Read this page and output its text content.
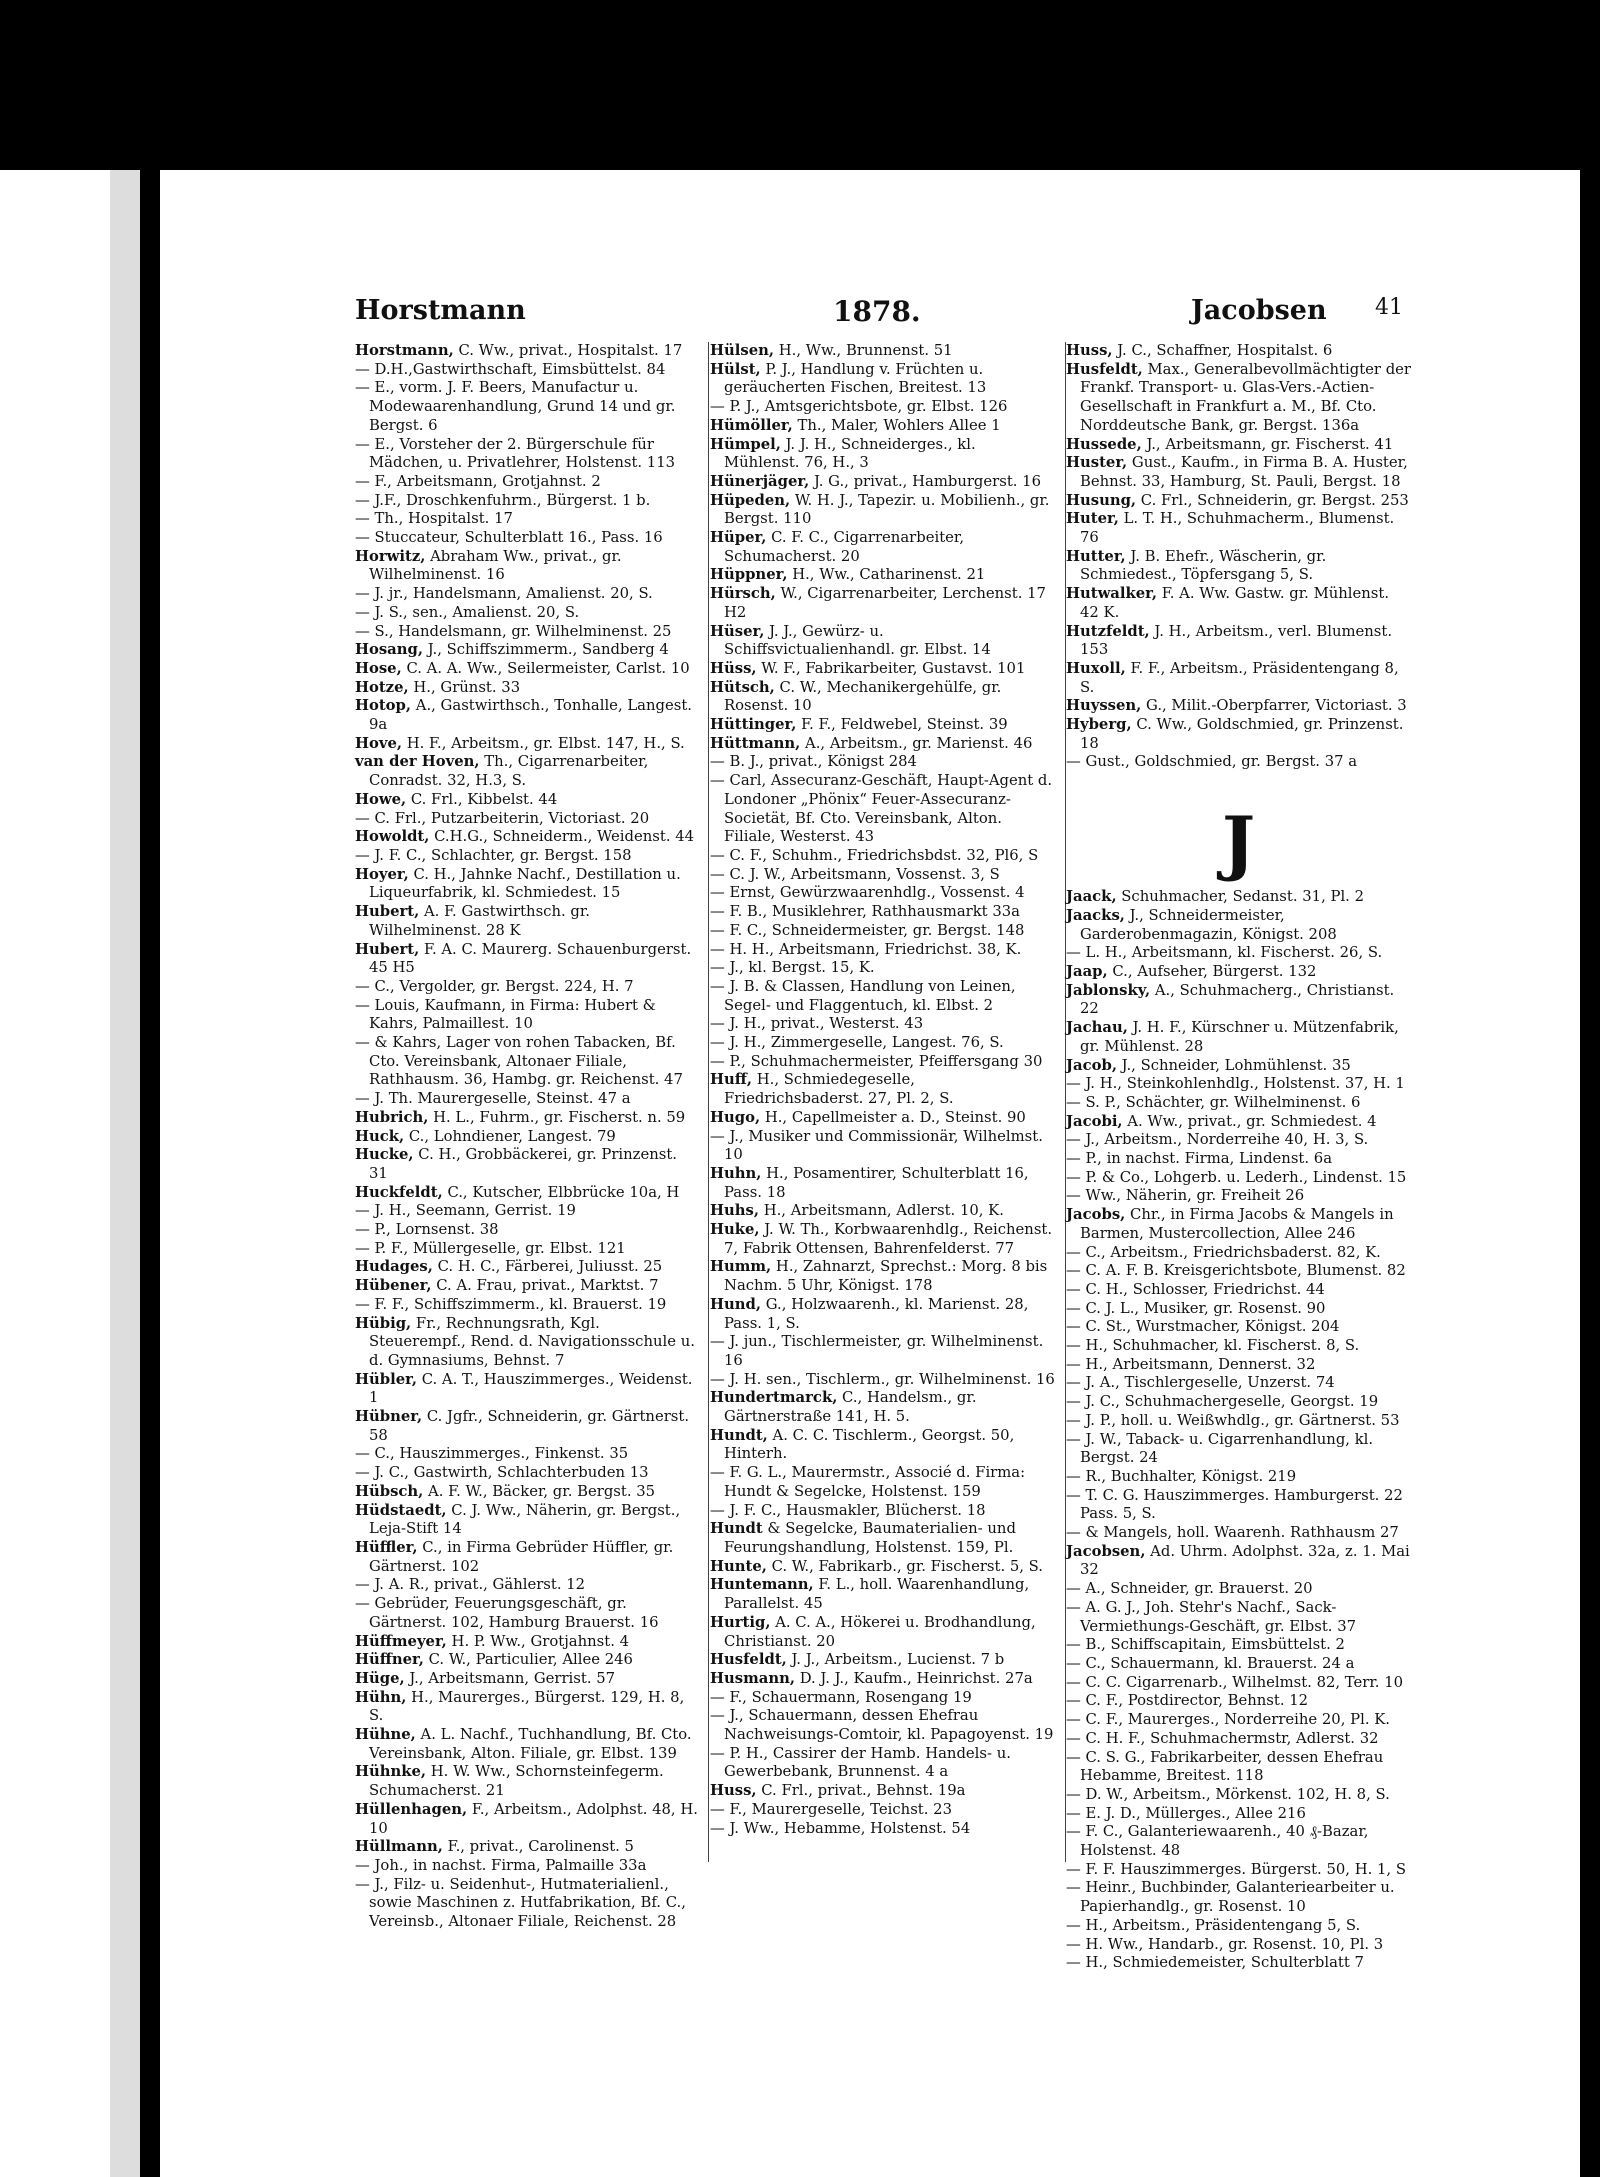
Horstmann	1878.	Jacobsen 41
Horstmann, C. Ww., privat., Hospitalst. 17
— D.H.,Gastwirthschaft, Eimsbüttelst. 84
— E., vorm. J. F. Beers, Manufactur u. Modewaarenhandlung, Grund 14 und gr. Bergst. 6
— E., Vorsteher der 2. Bürgerschule für Mädchen, u. Privatlehrer, Holstenst. 113
— F., Arbeitsmann, Grotjahnst. 2
— J.F., Droschkenfuhrm., Bürgerst. 1 b.
— Th., Hospitalst. 17
— Stuccateur, Schulterblatt 16., Pass. 16
Horwitz, Abraham Ww., privat., gr. Wilhelminenst. 16
— J. jr., Handelsmann, Amalienst. 20, S.
— J. S., sen., Amalienst. 20, S.
— S., Handelsmann, gr. Wilhelminenst. 25
Hosang, J., Schiffszimmerm., Sandberg 4
Hose, C. A. A. Ww., Seilermeister, Carlst. 10
Hotze, H., Grünst. 33
Hotop, A., Gastwirthsch., Tonhalle, Langest. 9a
Hove, H. F., Arbeitsm., gr. Elbst. 147, H., S.
van der Hoven, Th., Cigarrenarbeiter, Conradst. 32, H.3, S.
Howe, C. Frl., Kibbelst. 44
— C. Frl., Putzarbeiterin, Victoriast. 20
Howoldt, C.H.G., Schneiderm., Weidenst. 44
— J. F. C., Schlachter, gr. Bergst. 158
Hoyer, C. H., Jahnke Nachf., Destillation u. Liqueurfabrik, kl. Schmiedest. 15
Hubert, A. F. Gastwirthsch. gr. Wilhelminenst. 28 K
Hubert, F. A. C. Maurerg. Schauenburgerst. 45 H5
— C., Vergolder, gr. Bergst. 224, H. 7
— Louis, Kaufmann, in Firma: Hubert & Kahrs, Palmaillest. 10
— & Kahrs, Lager von rohen Tabacken, Bf. Cto. Vereinsbank, Altonaer Filiale, Rathhausm. 36, Hambg. gr. Reichenst. 47
— J. Th. Maurergeselle, Steinst. 47 a
Hubrich, H. L., Fuhrm., gr. Fischerst. n. 59
Huck, C., Lohndiener, Langest. 79
Hucke, C. H., Grobbäckerei, gr. Prinzenst. 31
Huckfeldt, C., Kutscher, Elbbrücke 10a, H
— J. H., Seemann, Gerrist. 19
— P., Lornsenst. 38
— P. F., Müllergeselle, gr. Elbst. 121
Hudages, C. H. C., Färberei, Juliusst. 25
Hübener, C. A. Frau, privat., Marktst. 7
— F. F., Schiffszimmerm., kl. Brauerst. 19
Hübig, Fr., Rechnungsrath, Kgl. Steuerempf., Rend. d. Navigationsschule u. d. Gymnasiums, Behnst. 7
Hübler, C. A. T., Hauszimmerges., Weidenst. 1
Hübner, C. Jgfr., Schneiderin, gr. Gärtnerst. 58
— C., Hauszimmerges., Finkenst. 35
— J. C., Gastwirth, Schlachterbuden 13
Hübsch, A. F. W., Bäcker, gr. Bergst. 35
Hüdstaedt, C. J. Ww., Näherin, gr. Bergst., Leja-Stift 14
Hüffler, C., in Firma Gebrüder Hüffler, gr. Gärtnerst. 102
— J. A. R., privat., Gählerst. 12
— Gebrüder, Feuerungsgeschäft, gr. Gärtnerst. 102, Hamburg Brauerst. 16
Hüffmeyer, H. P. Ww., Grotjahnst. 4
Hüffner, C. W., Particulier, Allee 246
Hüge, J., Arbeitsmann, Gerrist. 57
Hühn, H., Maurerges., Bürgerst. 129, H. 8, S.
Hühne, A. L. Nachf., Tuchhandlung, Bf. Cto. Vereinsbank, Alton. Filiale, gr. Elbst. 139
Hühnke, H. W. Ww., Schornsteinfegerm. Schumacherst. 21
Hüllenhagen, F., Arbeitsm., Adolphst. 48, H. 10
Hüllmann, F., privat., Carolinenst. 5
— Joh., in nachst. Firma, Palmaille 33a
— J., Filz- u. Seidenhut-, Hutmaterialienl., sowie Maschinen z. Hutfabrikation, Bf. C., Vereinsb., Altonaer Filiale, Reichenst. 28
Hülsen, H., Ww., Brunnenst. 51
Hülst, P. J., Handlung v. Früchten u. geräucherten Fischen, Breitest. 13
— P. J., Amtsgerichtsbote, gr. Elbst. 126
Hümöller, Th., Maler, Wohlers Allee 1
Hümpel, J. J. H., Schneiderges., kl. Mühlenst. 76, H., 3
Hünerjäger, J. G., privat., Hamburgerst. 16
Hüpeden, W. H. J., Tapezir. u. Mobilienh., gr. Bergst. 110
Hüper, C. F. C., Cigarrenarbeiter, Schumacherst. 20
Hüppner, H., Ww., Catharinenst. 21
Hürsch, W., Cigarrenarbeiter, Lerchenst. 17 H2
Hüser, J. J., Gewürz- u. Schiffsvictualienhandl. gr. Elbst. 14
Hüss, W. F., Fabrikarbeiter, Gustavst. 101
Hütsch, C. W., Mechanikergehülfe, gr. Rosenst. 10
Hüttinger, F. F., Feldwebel, Steinst. 39
Hüttmann, A., Arbeitsm., gr. Marienst. 46
— B. J., privat., Königst 284
— Carl, Assecuranz-Geschäft, Haupt-Agent d. Londoner „Phönix“ Feuer-Assecuranz-Societät, Bf. Cto. Vereinsbank, Alton. Filiale, Westerst. 43
— C. F., Schuhm., Friedrichsbdst. 32, Pl6, S
— C. J. W., Arbeitsmann, Vossenst. 3, S
— Ernst, Gewürzwaarenhdlg., Vossenst. 4
— F. B., Musiklehrer, Rathhausmarkt 33a
— F. C., Schneidermeister, gr. Bergst. 148
— H. H., Arbeitsmann, Friedrichst. 38, K.
— J., kl. Bergst. 15, K.
— J. B. & Classen, Handlung von Leinen, Segel- und Flaggentuch, kl. Elbst. 2
— J. H., privat., Westerst. 43
— J. H., Zimmergeselle, Langest. 76, S.
— P., Schuhmachermeister, Pfeiffersgang 30
Huff, H., Schmiedegeselle, Friedrichsbaderst. 27, Pl. 2, S.
Hugo, H., Capellmeister a. D., Steinst. 90
— J., Musiker und Commissionär, Wilhelmst. 10
Huhn, H., Posamentirer, Schulterblatt 16, Pass. 18
Huhs, H., Arbeitsmann, Adlerst. 10, K.
Huke, J. W. Th., Korbwaarenhdlg., Reichenst. 7, Fabrik Ottensen, Bahrenfelderst. 77
Humm, H., Zahnarzt, Sprechst.: Morg. 8 bis Nachm. 5 Uhr, Königst. 178
Hund, G., Holzwaarenh., kl. Marienst. 28, Pass. 1, S.
— J. jun., Tischlermeister, gr. Wilhelminenst. 16
— J. H. sen., Tischlerm., gr. Wilhelminenst. 16
Hundertmarck, C., Handelsm., gr. Gärtnerstraße 141, H. 5.
Hundt, A. C. C. Tischlerm., Georgst. 50, Hinterh.
— F. G. L., Maurermstr., Associé d. Firma: Hundt & Segelcke, Holstenst. 159
— J. F. C., Hausmakler, Blücherst. 18
Hundt & Segelcke, Baumaterialien- und Feurungshandlung, Holstenst. 159, Pl.
Hunte, C. W., Fabrikarb., gr. Fischerst. 5, S.
Huntemann, F. L., holl. Waarenhandlung, Parallelst. 45
Hurtig, A. C. A., Hökerei u. Brodhandlung, Christianst. 20
Husfeldt, J. J., Arbeitsm., Lucienst. 7 b
Husmann, D. J. J., Kaufm., Heinrichst. 27a
— F., Schauermann, Rosengang 19
— J., Schauermann, dessen Ehefrau Nachweisungs-Comtoir, kl. Papagoyenst. 19
— P. H., Cassirer der Hamb. Handels- u. Gewerbebank, Brunnenst. 4 a
Huss, C. Frl., privat., Behnst. 19a
— F., Maurergeselle, Teichst. 23
— J. Ww., Hebamme, Holstenst. 54
Huss, J. C., Schaffner, Hospitalst. 6
Husfeldt, Max., Generalbevollmächtigter der Frankf. Transport- u. Glas-Vers.-Actien-Gesellschaft in Frankfurt a. M., Bf. Cto. Norddeutsche Bank, gr. Bergst. 136a
Hussede, J., Arbeitsmann, gr. Fischerst. 41
Huster, Gust., Kaufm., in Firma B. A. Huster, Behnst. 33, Hamburg, St. Pauli, Bergst. 18
Husung, C. Frl., Schneiderin, gr. Bergst. 253
Huter, L. T. H., Schuhmacherm., Blumenst. 76
Hutter, J. B. Ehefr., Wäscherin, gr. Schmiedest., Töpfersgang 5, S.
Hutwalker, F. A. Ww. Gastw. gr. Mühlenst. 42 K.
Hutzfeldt, J. H., Arbeitsm., verl. Blumenst. 153
Huxoll, F. F., Arbeitsm., Präsidentengang 8, S.
Huyssen, G., Milit.-Oberpfarrer, Victoriast. 3
Hyberg, C. Ww., Goldschmied, gr. Prinzenst. 18
— Gust., Goldschmied, gr. Bergst. 37 a
J
Jaack, Schuhmacher, Sedanst. 31, Pl. 2
Jaacks, J., Schneidermeister, Garderobenmagazin, Königst. 208
— L. H., Arbeitsmann, kl. Fischerst. 26, S.
Jaap, C., Aufseher, Bürgerst. 132
Jablonsky, A., Schuhmacherg., Christianst. 22
Jachau, J. H. F., Kürschner u. Mützenfabrik, gr. Mühlenst. 28
Jacob, J., Schneider, Lohmühlenst. 35
— J. H., Steinkohlenhdlg., Holstenst. 37, H. 1
— S. P., Schächter, gr. Wilhelminenst. 6
Jacobi, A. Ww., privat., gr. Schmiedest. 4
— J., Arbeitsm., Norderreihe 40, H. 3, S.
— P., in nachst. Firma, Lindenst. 6a
— P. & Co., Lohgerb. u. Lederh., Lindenst. 15
— Ww., Näherin, gr. Freiheit 26
Jacobs, Chr., in Firma Jacobs & Mangels in Barmen, Mustercollection, Allee 246
— C., Arbeitsm., Friedrichsbaderst. 82, K.
— C. A. F. B. Kreisgerichtsbote, Blumenst. 82
— C. H., Schlosser, Friedrichst. 44
— C. J. L., Musiker, gr. Rosenst. 90
— C. St., Wurstmacher, Königst. 204
— H., Schuhmacher, kl. Fischerst. 8, S.
— H., Arbeitsmann, Dennerst. 32
— J. A., Tischlergeselle, Unzerst. 74
— J. C., Schuhmachergeselle, Georgst. 19
— J. P., holl. u. Weißwhdlg., gr. Gärtnerst. 53
— J. W., Taback- u. Cigarrenhandlung, kl. Bergst. 24
— R., Buchhalter, Königst. 219
— T. C. G. Hauszimmerges. Hamburgerst. 22 Pass. 5, S.
— & Mangels, holl. Waarenh. Rathhausm 27
Jacobsen, Ad. Uhrm. Adolphst. 32a, z. 1. Mai 32
— A., Schneider, gr. Brauerst. 20
— A. G. J., Joh. Stehr's Nachf., Sack-Vermiethungs-Geschäft, gr. Elbst. 37
— B., Schiffscapitain, Eimsbüttelst. 2
— C., Schauermann, kl. Brauerst. 24 a
— C. C. Cigarrenarb., Wilhelmst. 82, Terr. 10
— C. F., Postdirector, Behnst. 12
— C. F., Maurerges., Norderreihe 20, Pl. K.
— C. H. F., Schuhmachermstr, Adlerst. 32
— C. S. G., Fabrikarbeiter, dessen Ehefrau Hebamme, Breitest. 118
— D. W., Arbeitsm., Mörkenst. 102, H. 8, S.
— E. J. D., Müllerges., Allee 216
— F. C., Galanteriewaarenh., 40 ₰-Bazar, Holstenst. 48
— F. F. Hauszimmerges. Bürgerst. 50, H. 1, S
— Heinr., Buchbinder, Galanteriearbeiter u. Papierhandlg., gr. Rosenst. 10
— H., Arbeitsm., Präsidentengang 5, S.
— H. Ww., Handarb., gr. Rosenst. 10, Pl. 3
— H., Schmiedemeister, Schulterblatt 7
